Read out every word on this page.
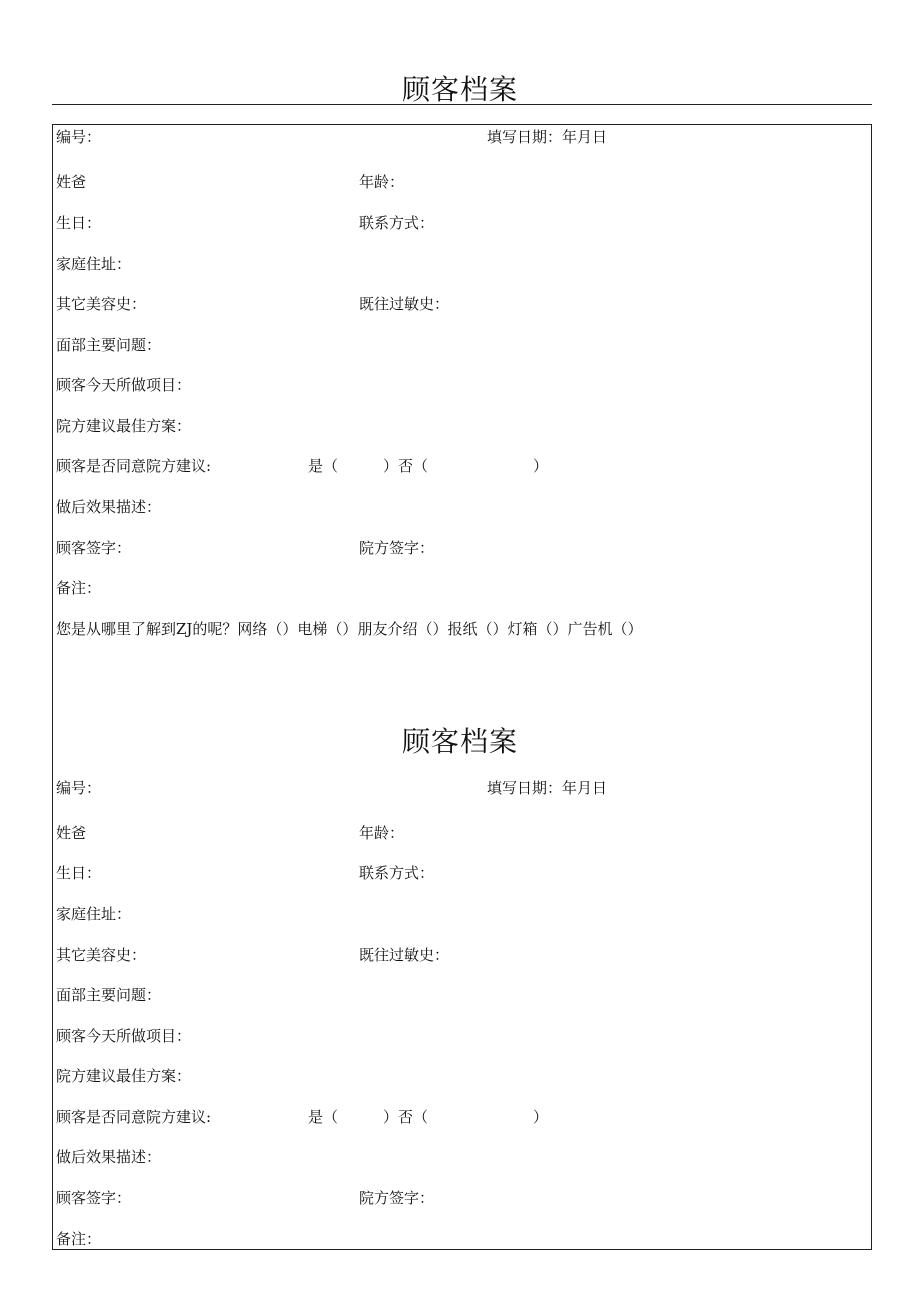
顾客档案
编号：	填写日期：年月日
姓爸	年龄：
生日：	联系方式：
家庭住址：
其它美容史：	既往过敏史：
面部主要问题：
顾客今天所做项目：
院方建议最佳方案：
顾客是否同意院方建议:	是（　　　）否（　　　　　　　）
做后效果描述：
顾客签字：	院方签字：
备注：
您是从哪里了解到ZJ的呢？网络（）电梯（）朋友介绍（）报纸（）灯箱（）广告机（）
顾客档案
编号：	填写日期：年月日
姓爸	年龄：
生日：	联系方式：
家庭住址：
其它美容史：	既往过敏史：
面部主要问题：
顾客今天所做项目：
院方建议最佳方案：
顾客是否同意院方建议:	是（　　　）否（　　　　　　　）
做后效果描述：
顾客签字：	院方签字：
备注：
